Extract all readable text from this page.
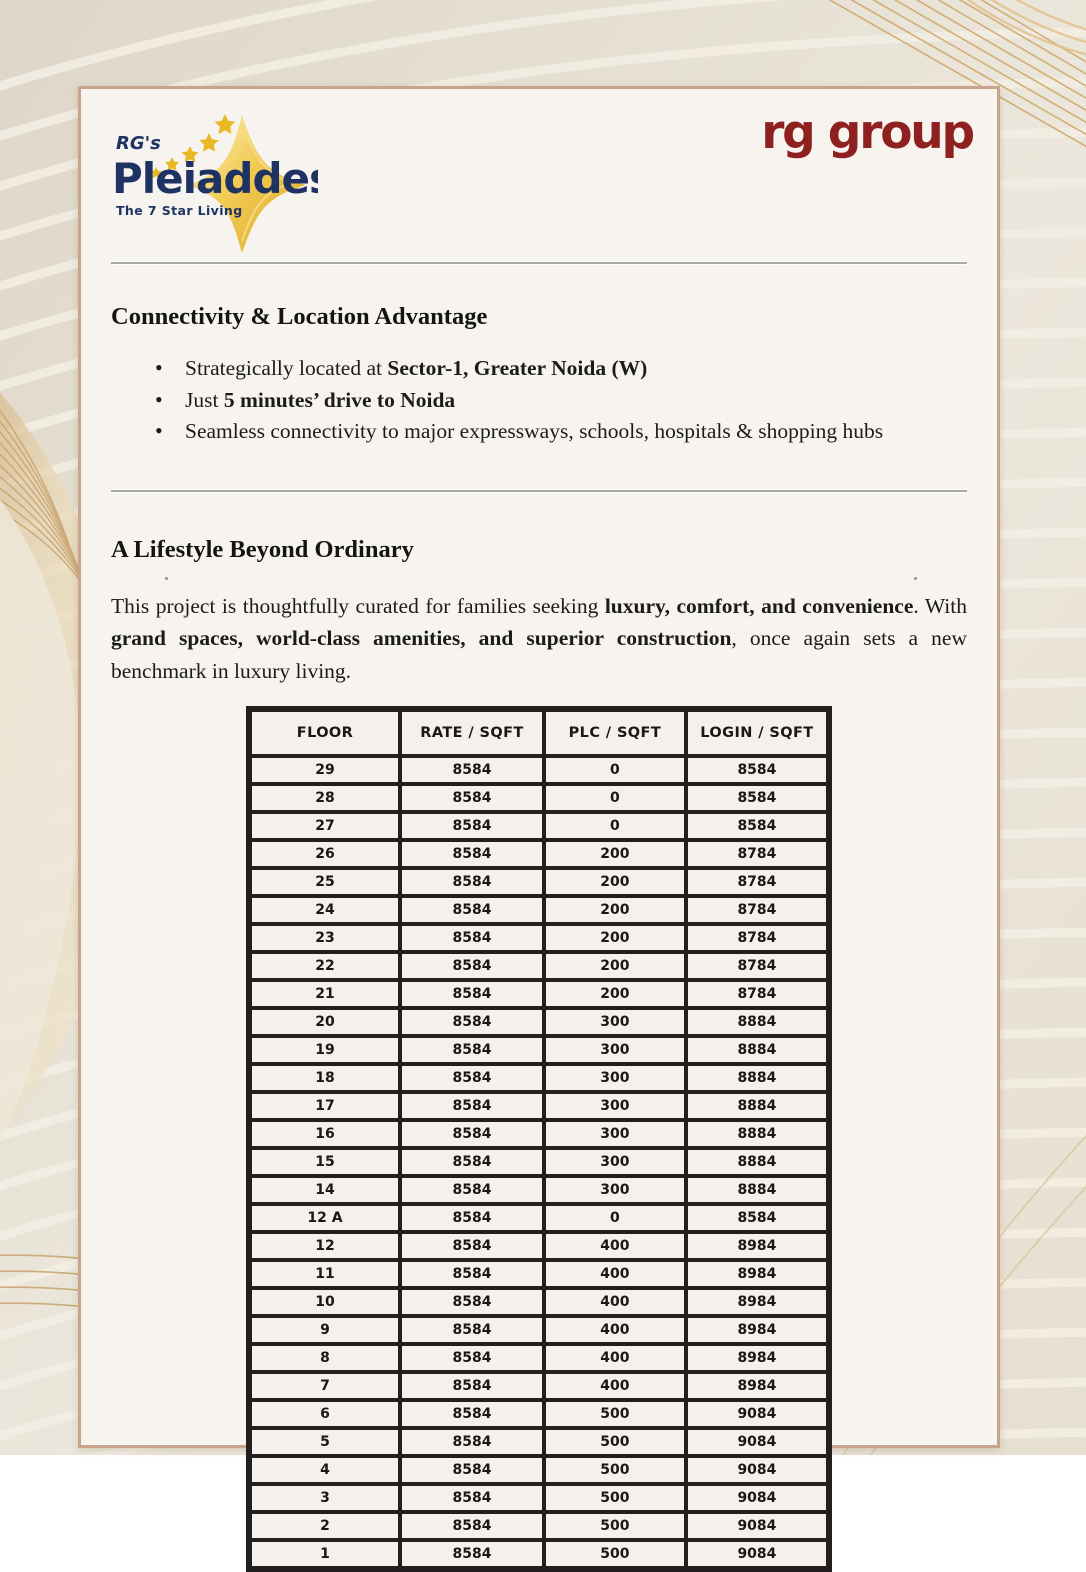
RG's
Pleiaddes
The 7 Star Living
rg group
Connectivity & Location Advantage
• Strategically located at Sector-1, Greater Noida (W)
• Just 5 minutes’ drive to Noida
• Seamless connectivity to major expressways, schools, hospitals & shopping hubs
A Lifestyle Beyond Ordinary

This project is thoughtfully curated for families seeking luxury, comfort, and convenience. With grand spaces, world-class amenities, and superior construction, once again sets a new benchmark in luxury living.

FLOOR	RATE / SQFT	PLC / SQFT	LOGIN / SQFT
29	8584	0	8584
28	8584	0	8584
27	8584	0	8584
26	8584	200	8784
25	8584	200	8784
24	8584	200	8784
23	8584	200	8784
22	8584	200	8784
21	8584	200	8784
20	8584	300	8884
19	8584	300	8884
18	8584	300	8884
17	8584	300	8884
16	8584	300	8884
15	8584	300	8884
14	8584	300	8884
12 A	8584	0	8584
12	8584	400	8984
11	8584	400	8984
10	8584	400	8984
9	8584	400	8984
8	8584	400	8984
7	8584	400	8984
6	8584	500	9084
5	8584	500	9084
4	8584	500	9084
3	8584	500	9084
2	8584	500	9084
1	8584	500	9084
